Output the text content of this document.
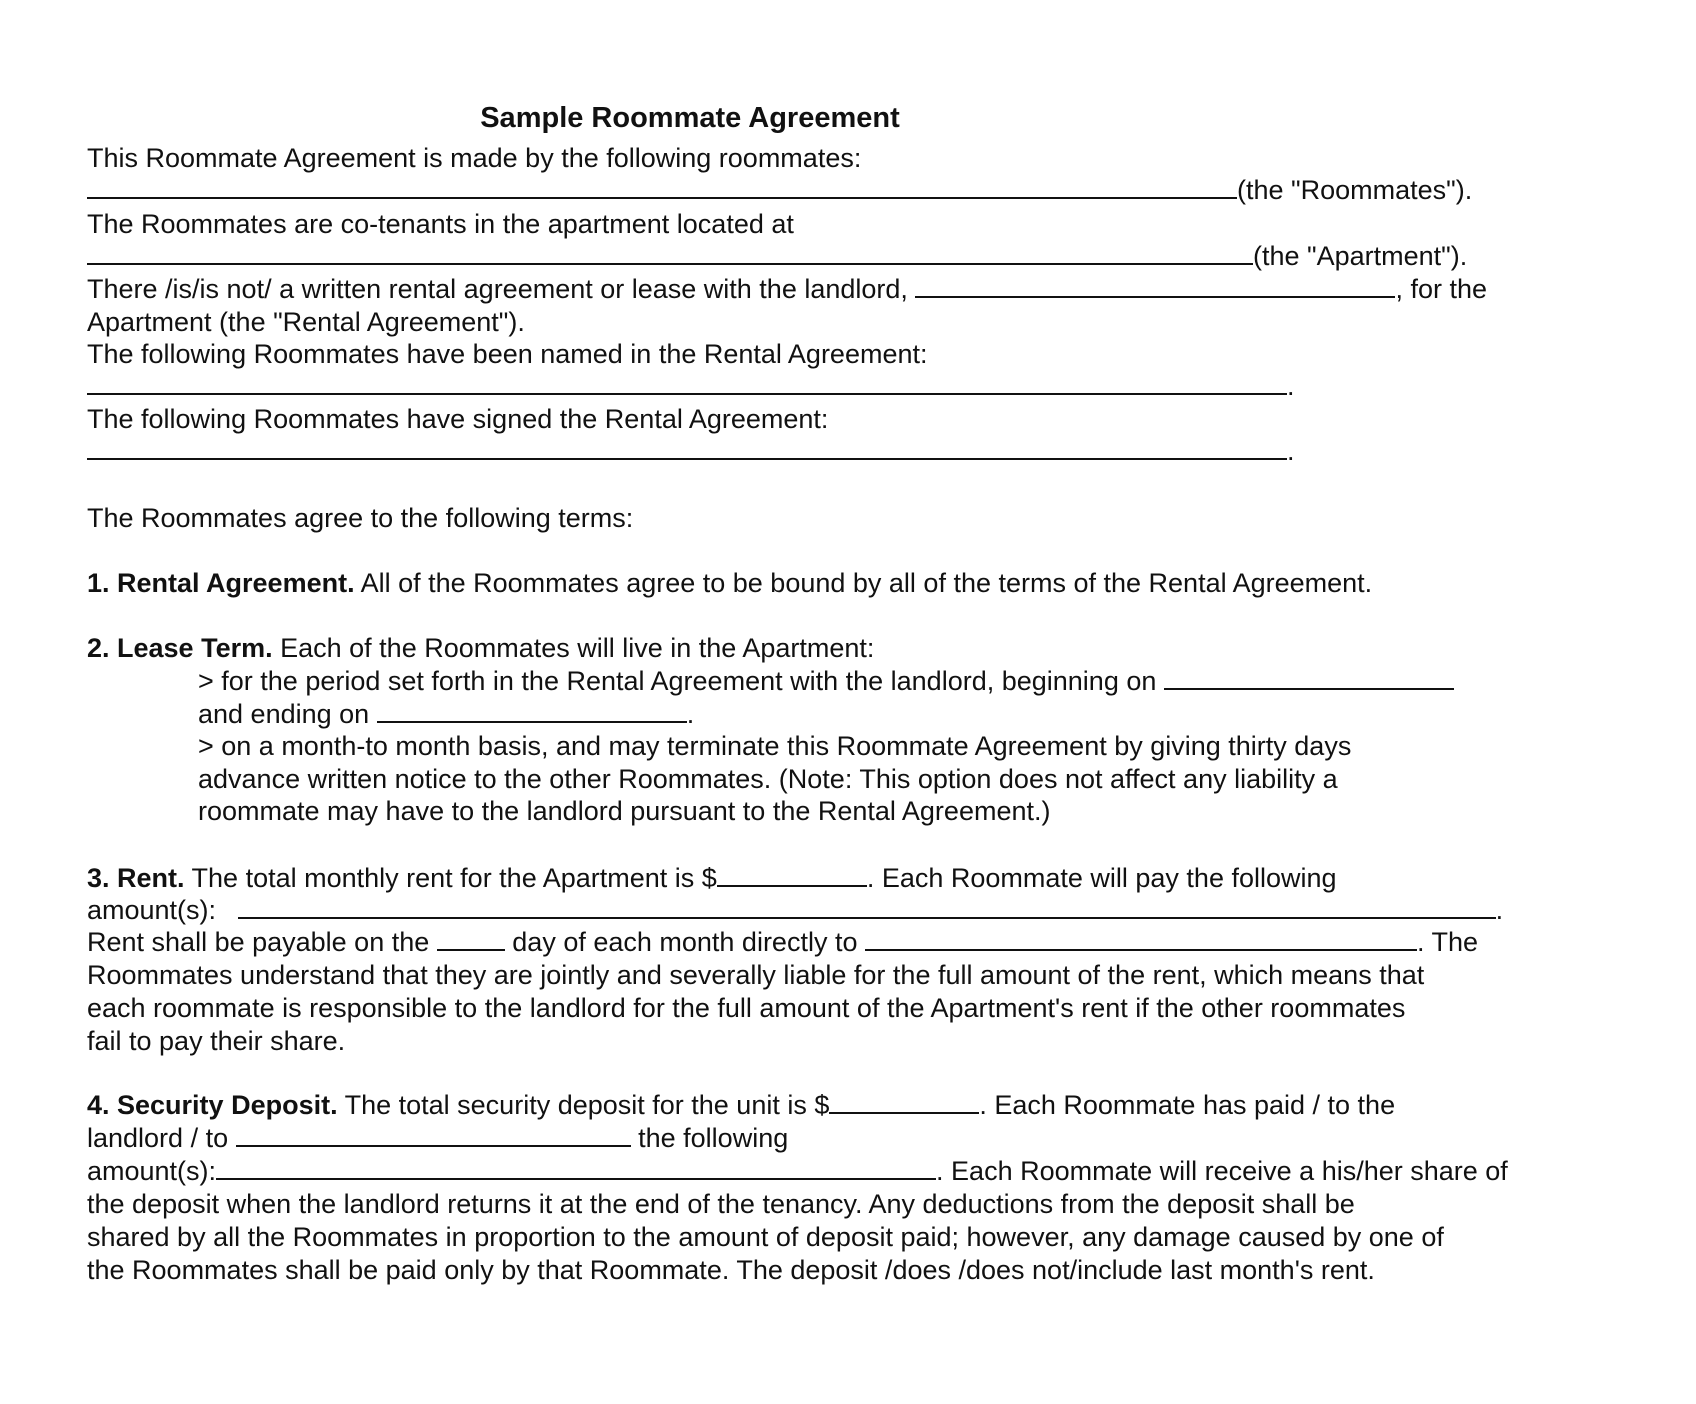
Sample Roommate Agreement
This Roommate Agreement is made by the following roommates:
(the "Roommates").
The Roommates are co-tenants in the apartment located at
(the "Apartment").
There /is/is not/ a written rental agreement or lease with the landlord,	, for the
Apartment (the "Rental Agreement").
The following Roommates have been named in the Rental Agreement:
.
The following Roommates have signed the Rental Agreement:
.
The Roommates agree to the following terms:
1. Rental Agreement. All of the Roommates agree to be bound by all of the terms of the Rental Agreement.
2. Lease Term. Each of the Roommates will live in the Apartment:
> for the period set forth in the Rental Agreement with the landlord, beginning on
and ending on	.
> on a month-to month basis, and may terminate this Roommate Agreement by giving thirty days
advance written notice to the other Roommates. (Note: This option does not affect any liability a
roommate may have to the landlord pursuant to the Rental Agreement.)
3. Rent. The total monthly rent for the Apartment is $	. Each Roommate will pay the following
amount(s):	.
Rent shall be payable on the	day of each month directly to	. The
Roommates understand that they are jointly and severally liable for the full amount of the rent, which means that
each roommate is responsible to the landlord for the full amount of the Apartment's rent if the other roommates
fail to pay their share.
4. Security Deposit. The total security deposit for the unit is $	. Each Roommate has paid / to the
landlord / to	the following
amount(s):	. Each Roommate will receive a his/her share of
the deposit when the landlord returns it at the end of the tenancy. Any deductions from the deposit shall be
shared by all the Roommates in proportion to the amount of deposit paid; however, any damage caused by one of
the Roommates shall be paid only by that Roommate. The deposit /does /does not/include last month's rent.
